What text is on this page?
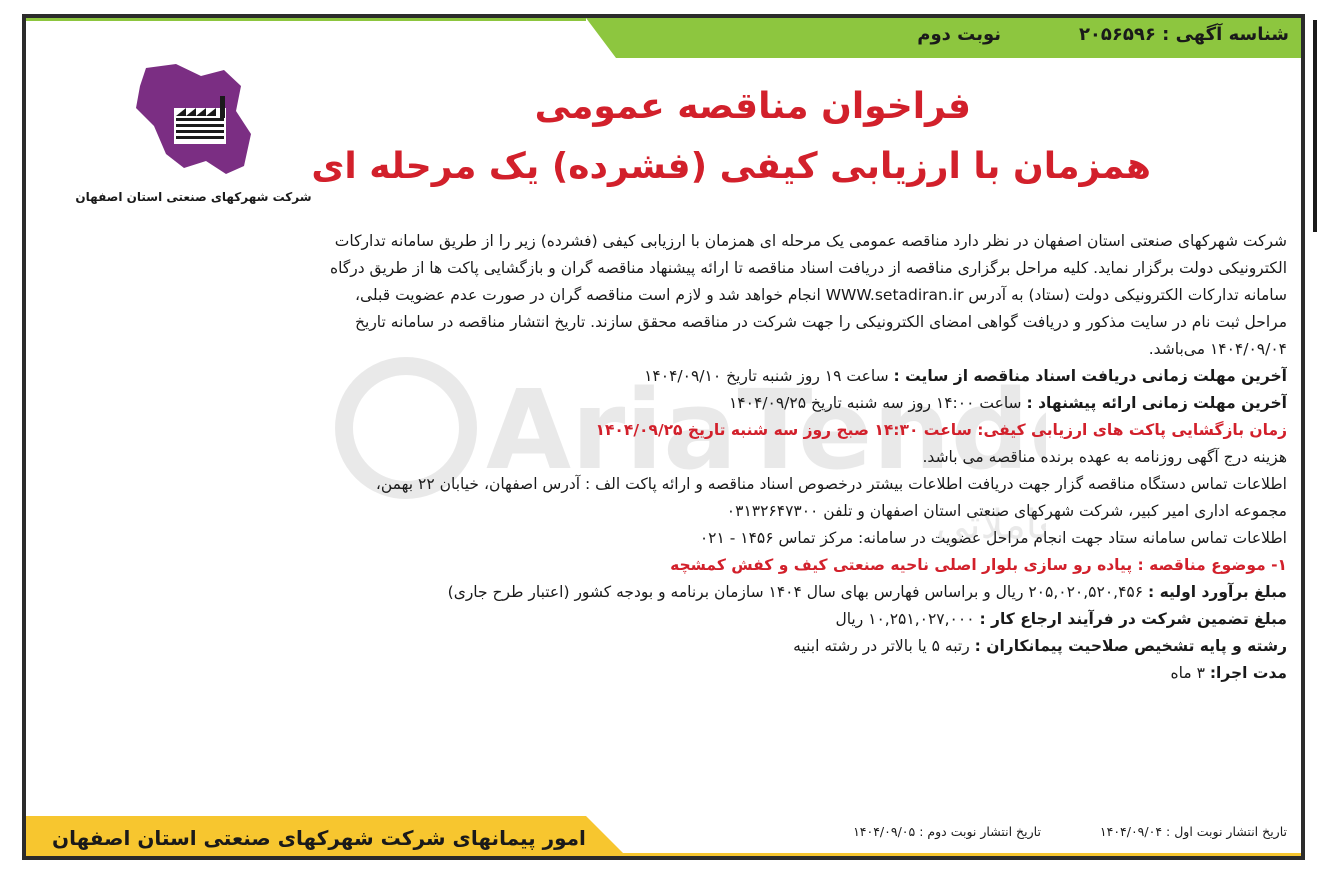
شناسه آگهی : ۲۰۵۶۵۹۶
نوبت دوم
فراخوان مناقصه عمومی
همزمان با ارزیابی کیفی (فشرده) یک مرحله ای
شرکت شهرکهای صنعتی استان اصفهان
AriaTend
املاتی
شرکت شهرکهای صنعتی استان اصفهان در نظر دارد مناقصه عمومی یک مرحله ای همزمان با ارزیابی کیفی (فشرده) زیر را از طریق سامانه تدارکات
الکترونیکی دولت برگزار نماید. کلیه مراحل برگزاری مناقصه از دریافت اسناد مناقصه تا ارائه پیشنهاد مناقصه گران و بازگشایی پاکت ها از طریق درگاه
سامانه تدارکات الکترونیکی دولت (ستاد) به آدرس WWW.setadiran.ir انجام خواهد شد و لازم است مناقصه گران در صورت عدم عضویت قبلی،
مراحل ثبت نام در سایت مذکور و دریافت گواهی امضای الکترونیکی را جهت شرکت در مناقصه محقق سازند. تاریخ انتشار مناقصه در سامانه تاریخ
۱۴۰۴/۰۹/۰۴ می‌باشد.
آخرین مهلت زمانی دریافت اسناد مناقصه از سایت : ساعت ۱۹ روز شنبه تاریخ ۱۴۰۴/۰۹/۱۰
آخرین مهلت زمانی ارائه پیشنهاد : ساعت ۱۴:۰۰ روز سه شنبه تاریخ ۱۴۰۴/۰۹/۲۵
زمان بازگشایی پاکت های ارزیابی کیفی: ساعت ۱۴:۳۰ صبح روز سه شنبه تاریخ ۱۴۰۴/۰۹/۲۵
هزینه درج آگهی روزنامه به عهده برنده مناقصه می باشد.
اطلاعات تماس دستگاه مناقصه گزار جهت دریافت اطلاعات بیشتر درخصوص اسناد مناقصه و ارائه پاکت الف : آدرس اصفهان، خیابان ۲۲ بهمن،
مجموعه اداری امیر کبیر، شرکت شهرکهای صنعتی استان اصفهان و تلفن ۰۳۱۳۲۶۴۷۳۰۰
اطلاعات تماس سامانه ستاد جهت انجام مراحل عضویت در سامانه: مرکز تماس ۱۴۵۶ - ۰۲۱
۱- موضوع مناقصه : پیاده رو سازی بلوار اصلی ناحیه صنعتی کیف و کفش کمشچه
مبلغ برآورد اولیه : ۲۰۵,۰۲۰,۵۲۰,۴۵۶ ریال و براساس فهارس بهای سال ۱۴۰۴ سازمان برنامه و بودجه کشور (اعتبار طرح جاری)
مبلغ تضمین شرکت در فرآیند ارجاع کار : ۱۰,۲۵۱,۰۲۷,۰۰۰ ریال
رشته و پایه تشخیص صلاحیت پیمانکاران : رتبه ۵ یا بالاتر در رشته ابنیه
مدت اجرا: ۳ ماه
تاریخ انتشار نوبت اول : ۱۴۰۴/۰۹/۰۴ تاریخ انتشار نوبت دوم : ۱۴۰۴/۰۹/۰۵
امور پیمانهای شرکت شهرکهای صنعتی استان اصفهان
